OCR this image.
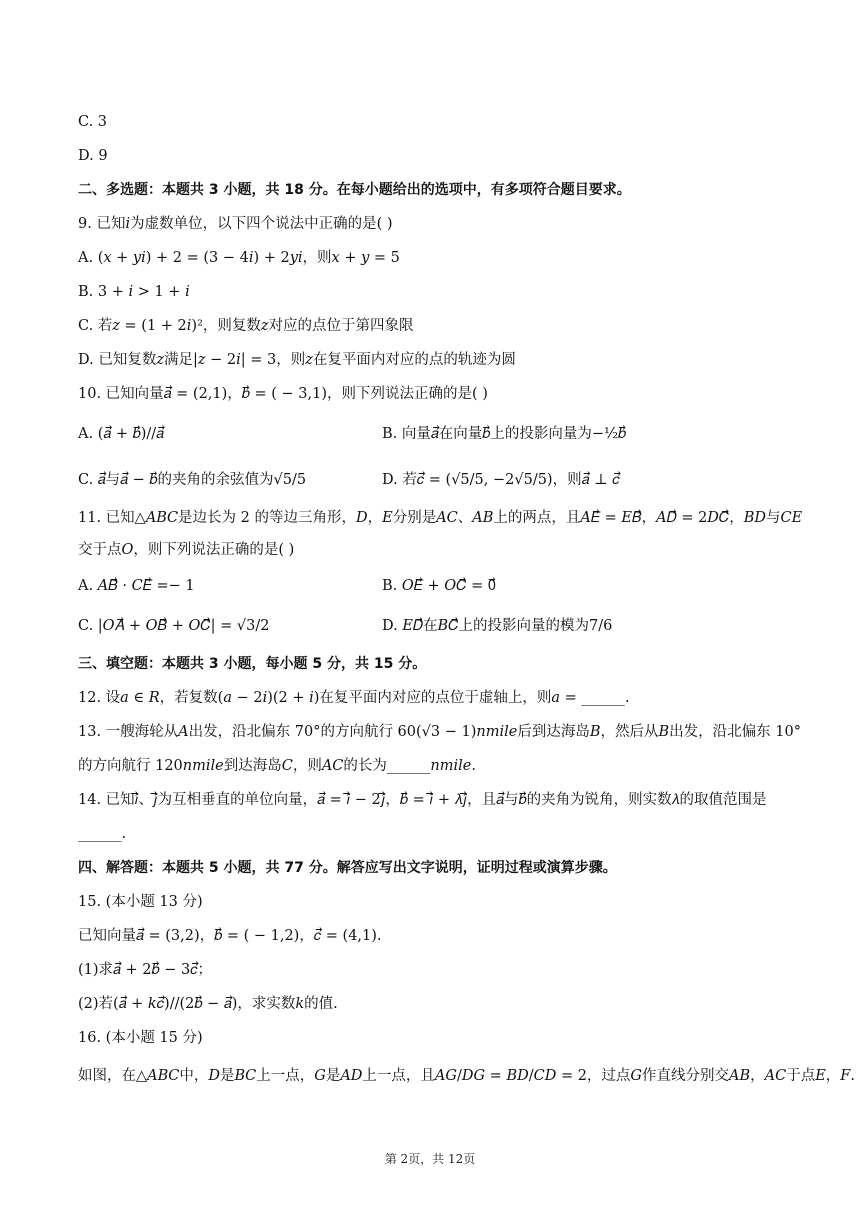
C. 3
D. 9
二、多选题：本题共 3 小题，共 18 分。在每小题给出的选项中，有多项符合题目要求。
9. 已知𝑖为虚数单位，以下四个说法中正确的是( )
A. (𝑥 + 𝑦𝑖) + 2 = (3 − 4𝑖) + 2𝑦𝑖，则𝑥 + 𝑦 = 5
B. 3 + 𝑖 > 1 + 𝑖
C. 若𝑧 = (1 + 2𝑖)²，则复数𝑧对应的点位于第四象限
D. 已知复数𝑧满足|𝑧 − 2𝑖| = 3，则𝑧在复平面内对应的点的轨迹为圆
10. 已知向量𝑎⃗ = (2,1)，𝑏⃗ = ( − 3,1)，则下列说法正确的是( )
A. (𝑎⃗ + 𝑏⃗)//𝑎⃗	B. 向量𝑎⃗在向量𝑏⃗上的投影向量为−½𝑏⃗
C. 𝑎⃗与𝑎⃗ − 𝑏⃗的夹角的余弦值为√5/5	D. 若𝑐⃗ = (√5/5, −2√5/5)，则𝑎⃗ ⊥ 𝑐⃗
11. 已知△𝐴𝐵𝐶是边长为 2 的等边三角形，𝐷，𝐸分别是𝐴𝐶、𝐴𝐵上的两点，且𝐴𝐸⃗ = 𝐸𝐵⃗，𝐴𝐷⃗ = 2𝐷𝐶⃗，𝐵𝐷与𝐶𝐸
交于点𝑂，则下列说法正确的是( )
A. 𝐴𝐵⃗ · 𝐶𝐸⃗ =− 1	B. 𝑂𝐸⃗ + 𝑂𝐶⃗ = 0⃗
C. |𝑂𝐴⃗ + 𝑂𝐵⃗ + 𝑂𝐶⃗| = √3/2	D. 𝐸𝐷⃗在𝐵𝐶⃗上的投影向量的模为7/6
三、填空题：本题共 3 小题，每小题 5 分，共 15 分。
12. 设𝑎 ∈ 𝑅，若复数(𝑎 − 2𝑖)(2 + 𝑖)在复平面内对应的点位于虚轴上，则𝑎 = ______.
13. 一艘海轮从𝐴出发，沿北偏东 70°的方向航行 60(√3 − 1)𝑛𝑚𝑖𝑙𝑒后到达海岛𝐵，然后从𝐵出发，沿北偏东 10°
的方向航行 120𝑛𝑚𝑖𝑙𝑒到达海岛𝐶，则𝐴𝐶的长为______𝑛𝑚𝑖𝑙𝑒.
14. 已知𝑖⃗、𝑗⃗为互相垂直的单位向量，𝑎⃗ = 𝑖⃗ − 2𝑗⃗，𝑏⃗ = 𝑖⃗ + 𝜆𝑗⃗，且𝑎⃗与𝑏⃗的夹角为锐角，则实数𝜆的取值范围是
______.
四、解答题：本题共 5 小题，共 77 分。解答应写出文字说明，证明过程或演算步骤。
15. (本小题 13 分)
已知向量𝑎⃗ = (3,2)，𝑏⃗ = ( − 1,2)，𝑐⃗ = (4,1).
(1)求𝑎⃗ + 2𝑏⃗ − 3𝑐⃗；
(2)若(𝑎⃗ + 𝑘𝑐⃗)//(2𝑏⃗ − 𝑎⃗)，求实数𝑘的值.
16. (本小题 15 分)
如图，在△𝐴𝐵𝐶中，𝐷是𝐵𝐶上一点，𝐺是𝐴𝐷上一点，且𝐴𝐺/𝐷𝐺 = 𝐵𝐷/𝐶𝐷 = 2，过点𝐺作直线分别交𝐴𝐵，𝐴𝐶于点𝐸，𝐹.
第 2页，共 12页
